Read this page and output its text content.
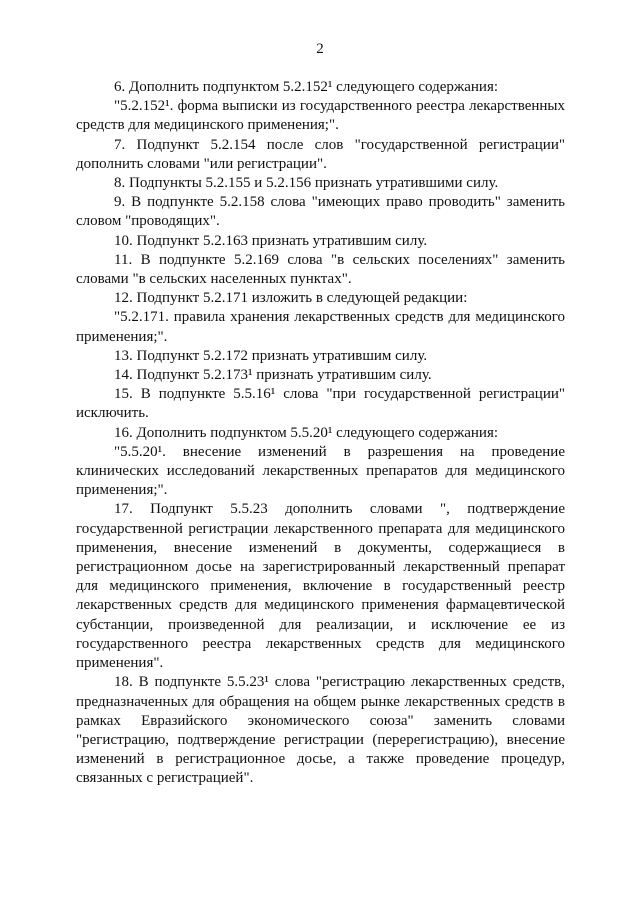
2

6. Дополнить подпунктом 5.2.152¹ следующего содержания:

"5.2.152¹. форма выписки из государственного реестра лекарственных средств для медицинского применения;".

7. Подпункт 5.2.154 после слов "государственной регистрации" дополнить словами "или регистрации".

8. Подпункты 5.2.155 и 5.2.156 признать утратившими силу.

9. В подпункте 5.2.158 слова "имеющих право проводить" заменить словом "проводящих".

10. Подпункт 5.2.163 признать утратившим силу.

11. В подпункте 5.2.169 слова "в сельских поселениях" заменить словами "в сельских населенных пунктах".

12. Подпункт 5.2.171 изложить в следующей редакции:

"5.2.171. правила хранения лекарственных средств для медицинского применения;".

13. Подпункт 5.2.172 признать утратившим силу.

14. Подпункт 5.2.173¹ признать утратившим силу.

15. В подпункте 5.5.16¹ слова "при государственной регистрации" исключить.

16. Дополнить подпунктом 5.5.20¹ следующего содержания:

"5.5.20¹. внесение изменений в разрешения на проведение клинических исследований лекарственных препаратов для медицинского применения;".

17. Подпункт 5.5.23 дополнить словами ", подтверждение государственной регистрации лекарственного препарата для медицинского применения, внесение изменений в документы, содержащиеся в регистрационном досье на зарегистрированный лекарственный препарат для медицинского применения, включение в государственный реестр лекарственных средств для медицинского применения фармацевтической субстанции, произведенной для реализации, и исключение ее из государственного реестра лекарственных средств для медицинского применения".

18. В подпункте 5.5.23¹ слова "регистрацию лекарственных средств, предназначенных для обращения на общем рынке лекарственных средств в рамках Евразийского экономического союза" заменить словами "регистрацию, подтверждение регистрации (перерегистрацию), внесение изменений в регистрационное досье, а также проведение процедур, связанных с регистрацией".
